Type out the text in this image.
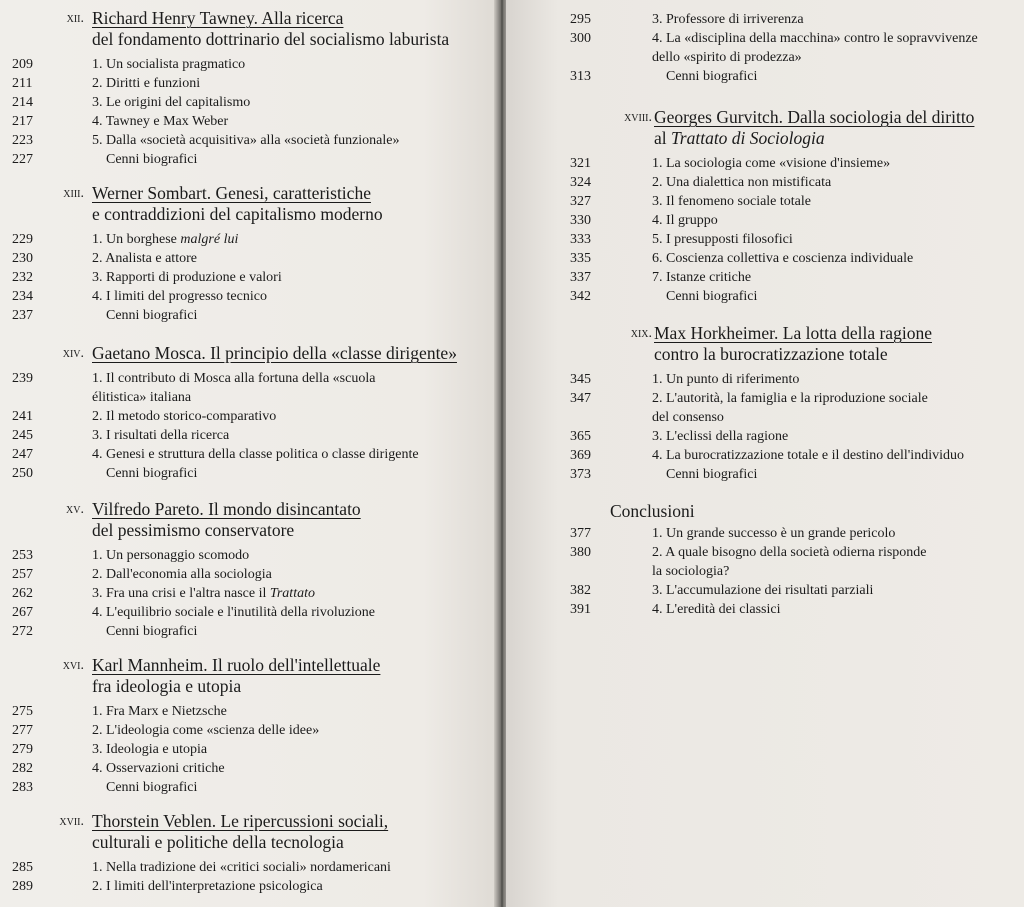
xii. Richard Henry Tawney. Alla ricerca
del fondamento dottrinario del socialismo laburista
209	1. Un socialista pragmatico
211	2. Diritti e funzioni
214	3. Le origini del capitalismo
217	4. Tawney e Max Weber
223	5. Dalla «società acquisitiva» alla «società funzionale»
227	Cenni biografici
xiii. Werner Sombart. Genesi, caratteristiche
e contraddizioni del capitalismo moderno
229	1. Un borghese malgré lui
230	2. Analista e attore
232	3. Rapporti di produzione e valori
234	4. I limiti del progresso tecnico
237	Cenni biografici
xiv. Gaetano Mosca. Il principio della «classe dirigente»
239	1. Il contributo di Mosca alla fortuna della «scuola
élitistica» italiana
241	2. Il metodo storico-comparativo
245	3. I risultati della ricerca
247	4. Genesi e struttura della classe politica o classe dirigente
250	Cenni biografici
xv. Vilfredo Pareto. Il mondo disincantato
del pessimismo conservatore
253	1. Un personaggio scomodo
257	2. Dall'economia alla sociologia
262	3. Fra una crisi e l'altra nasce il Trattato
267	4. L'equilibrio sociale e l'inutilità della rivoluzione
272	Cenni biografici
xvi. Karl Mannheim. Il ruolo dell'intellettuale
fra ideologia e utopia
275	1. Fra Marx e Nietzsche
277	2. L'ideologia come «scienza delle idee»
279	3. Ideologia e utopia
282	4. Osservazioni critiche
283	Cenni biografici
xvii. Thorstein Veblen. Le ripercussioni sociali,
culturali e politiche della tecnologia
285	1. Nella tradizione dei «critici sociali» nordamericani
289	2. I limiti dell'interpretazione psicologica
295	3. Professore di irriverenza
300	4. La «disciplina della macchina» contro le sopravvivenze
dello «spirito di prodezza»
313	Cenni biografici
xviii. Georges Gurvitch. Dalla sociologia del diritto
al Trattato di Sociologia
321	1. La sociologia come «visione d'insieme»
324	2. Una dialettica non mistificata
327	3. Il fenomeno sociale totale
330	4. Il gruppo
333	5. I presupposti filosofici
335	6. Coscienza collettiva e coscienza individuale
337	7. Istanze critiche
342	Cenni biografici
xix. Max Horkheimer. La lotta della ragione
contro la burocratizzazione totale
345	1. Un punto di riferimento
347	2. L'autorità, la famiglia e la riproduzione sociale
del consenso
365	3. L'eclissi della ragione
369	4. La burocratizzazione totale e il destino dell'individuo
373	Cenni biografici
Conclusioni
377	1. Un grande successo è un grande pericolo
380	2. A quale bisogno della società odierna risponde
la sociologia?
382	3. L'accumulazione dei risultati parziali
391	4. L'eredità dei classici
